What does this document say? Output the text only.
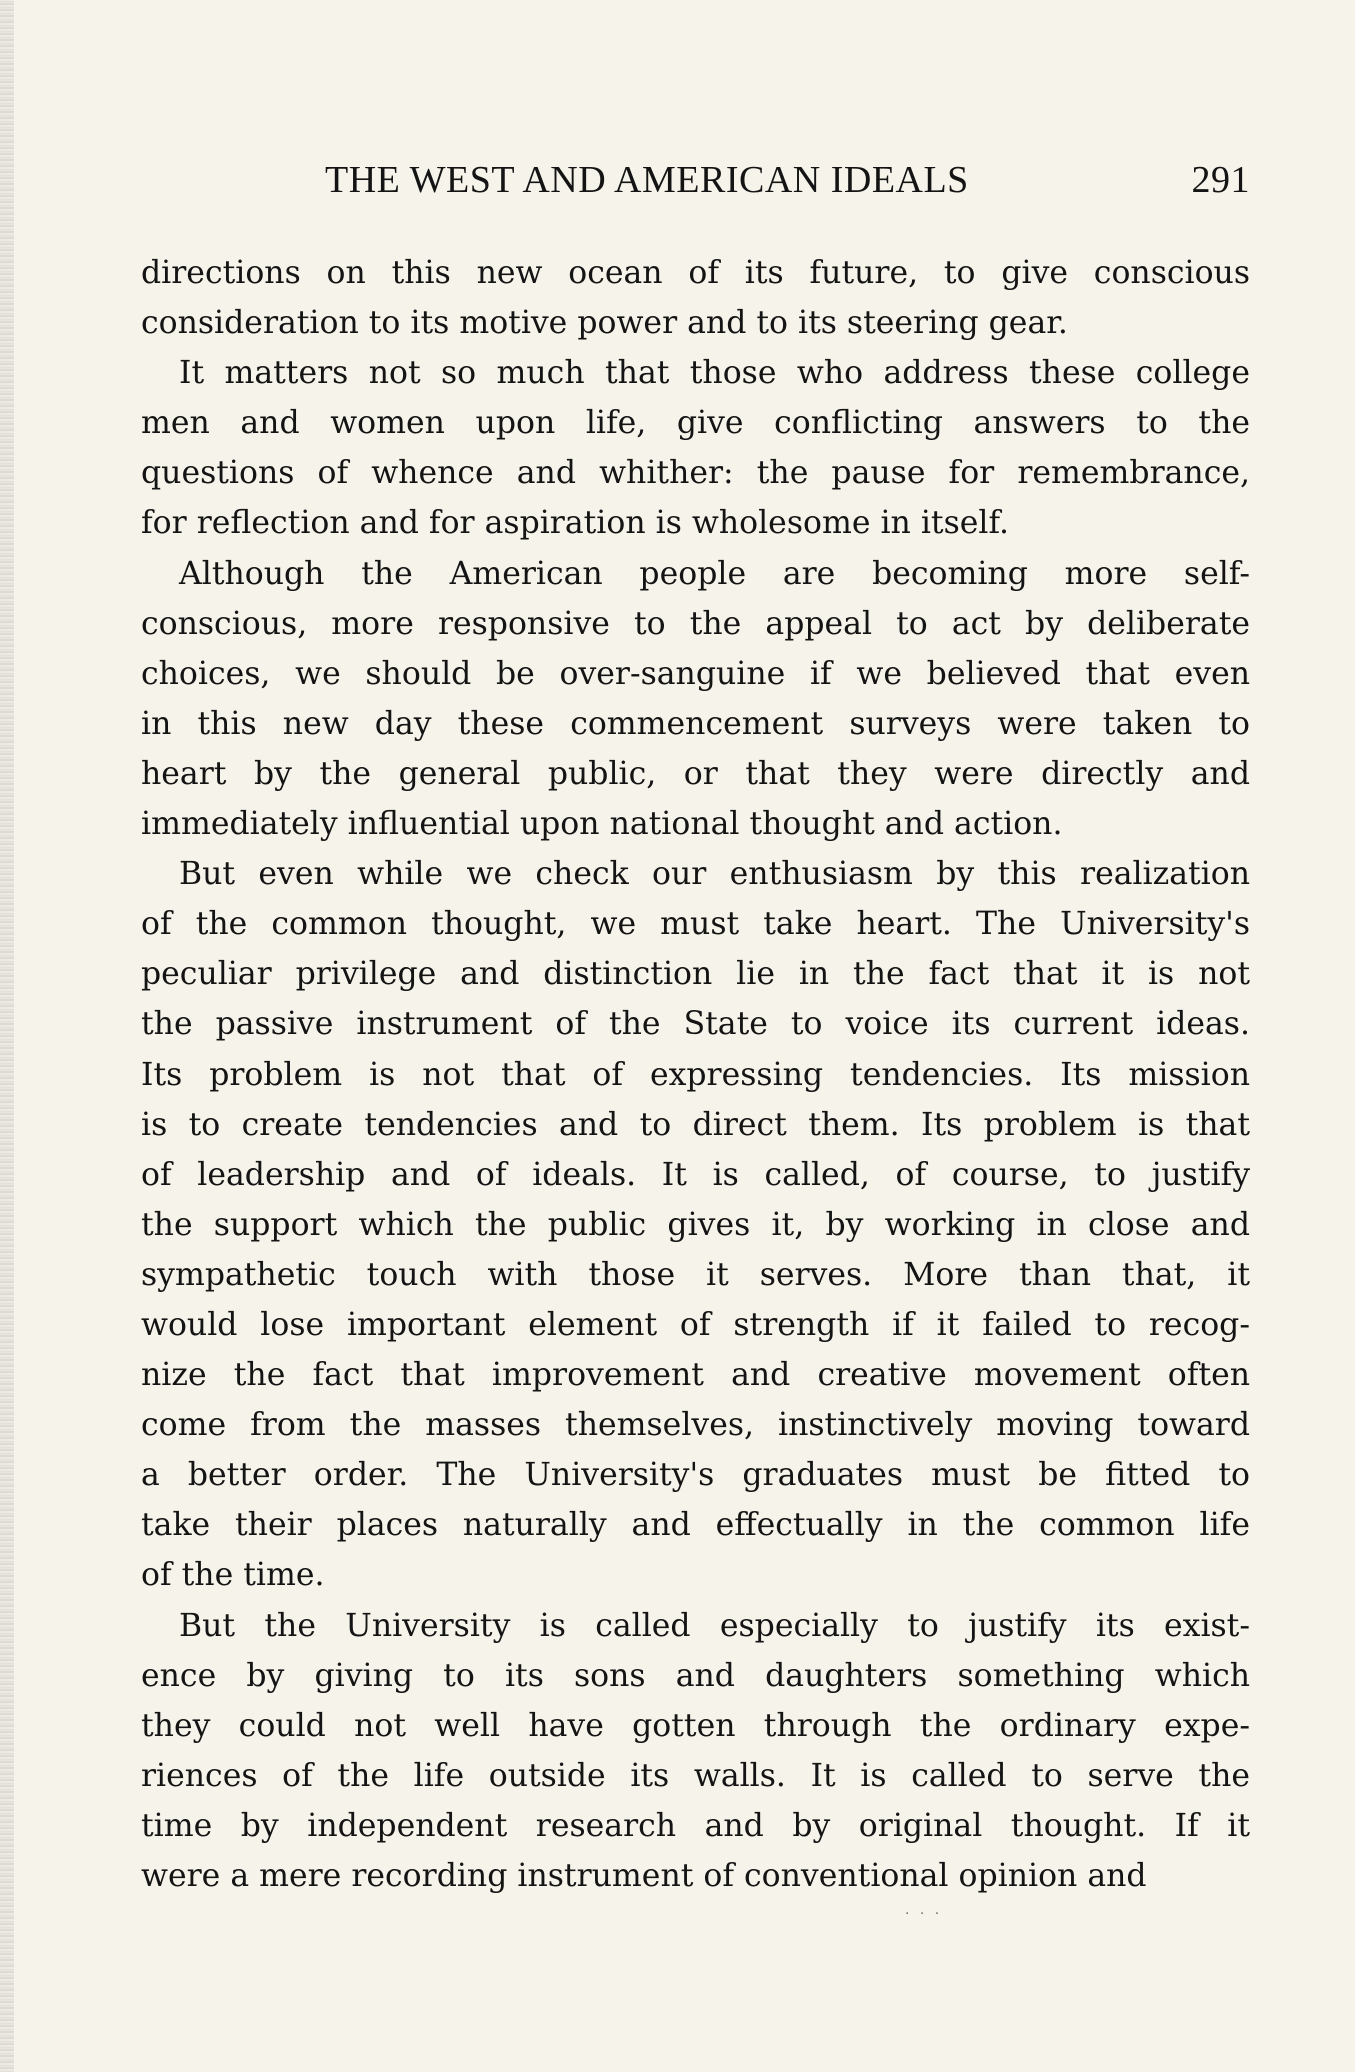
THE WEST AND AMERICAN IDEALS	291

directions on this new ocean of its future, to give conscious
consideration to its motive power and to its steering gear.

It matters not so much that those who address these college
men and women upon life, give conflicting answers to the
questions of whence and whither: the pause for remembrance,
for reflection and for aspiration is wholesome in itself.

Although the American people are becoming more self-
conscious, more responsive to the appeal to act by deliberate
choices, we should be over-sanguine if we believed that even
in this new day these commencement surveys were taken to
heart by the general public, or that they were directly and
immediately influential upon national thought and action.

But even while we check our enthusiasm by this realization
of the common thought, we must take heart. The University's
peculiar privilege and distinction lie in the fact that it is not
the passive instrument of the State to voice its current ideas.
Its problem is not that of expressing tendencies. Its mission
is to create tendencies and to direct them. Its problem is that
of leadership and of ideals. It is called, of course, to justify
the support which the public gives it, by working in close and
sympathetic touch with those it serves. More than that, it
would lose important element of strength if it failed to recog-
nize the fact that improvement and creative movement often
come from the masses themselves, instinctively moving toward
a better order. The University's graduates must be fitted to
take their places naturally and effectually in the common life
of the time.

But the University is called especially to justify its exist-
ence by giving to its sons and daughters something which
they could not well have gotten through the ordinary expe-
riences of the life outside its walls. It is called to serve the
time by independent research and by original thought. If it
were a mere recording instrument of conventional opinion and

· · ·
